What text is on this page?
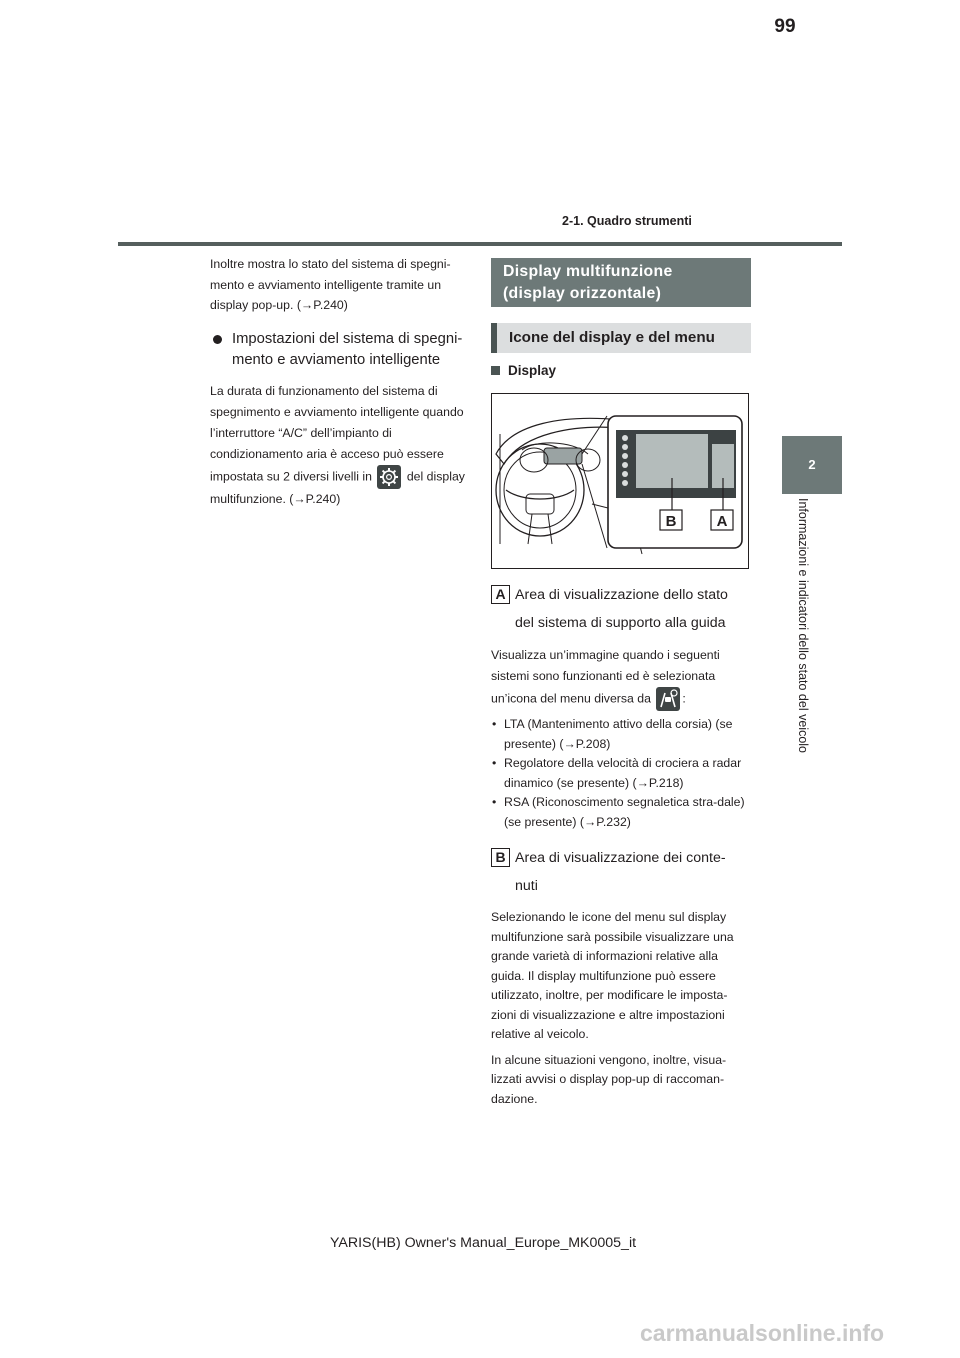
99
2-1. Quadro strumenti
2
Informazioni e indicatori dello stato del veicolo

Inoltre mostra lo stato del sistema di spegni-mento e avviamento intelligente tramite un display pop-up. (→P.240)

Impostazioni del sistema di spegni-mento e avviamento intelligente

La durata di funzionamento del sistema di spegnimento e avviamento intelligente quando l’interruttore “A/C” dell’impianto di condizionamento aria è acceso può essere impostata su 2 diversi livelli in	del display multifunzione. (→P.240)

Display multifunzione (display orizzontale)
Icone del display e del menu
Display
B	A
A Area di visualizzazione dello stato del sistema di supporto alla guida

Visualizza un’immagine quando i seguenti sistemi sono funzionanti ed è selezionata un’icona del menu diversa da	:

• LTA (Mantenimento attivo della corsia) (se presente) (→P.208)
• Regolatore della velocità di crociera a radar dinamico (se presente) (→P.218)
• RSA (Riconoscimento segnaletica stra-dale) (se presente) (→P.232)
B Area di visualizzazione dei conte-nuti

Selezionando le icone del menu sul display multifunzione sarà possibile visualizzare una grande varietà di informazioni relative alla guida. Il display multifunzione può essere utilizzato, inoltre, per modificare le imposta-zioni di visualizzazione e altre impostazioni relative al veicolo.

In alcune situazioni vengono, inoltre, visua-lizzati avvisi o display pop-up di raccoman-dazione.

YARIS(HB) Owner's Manual_Europe_MK0005_it
carmanualsonline.info
